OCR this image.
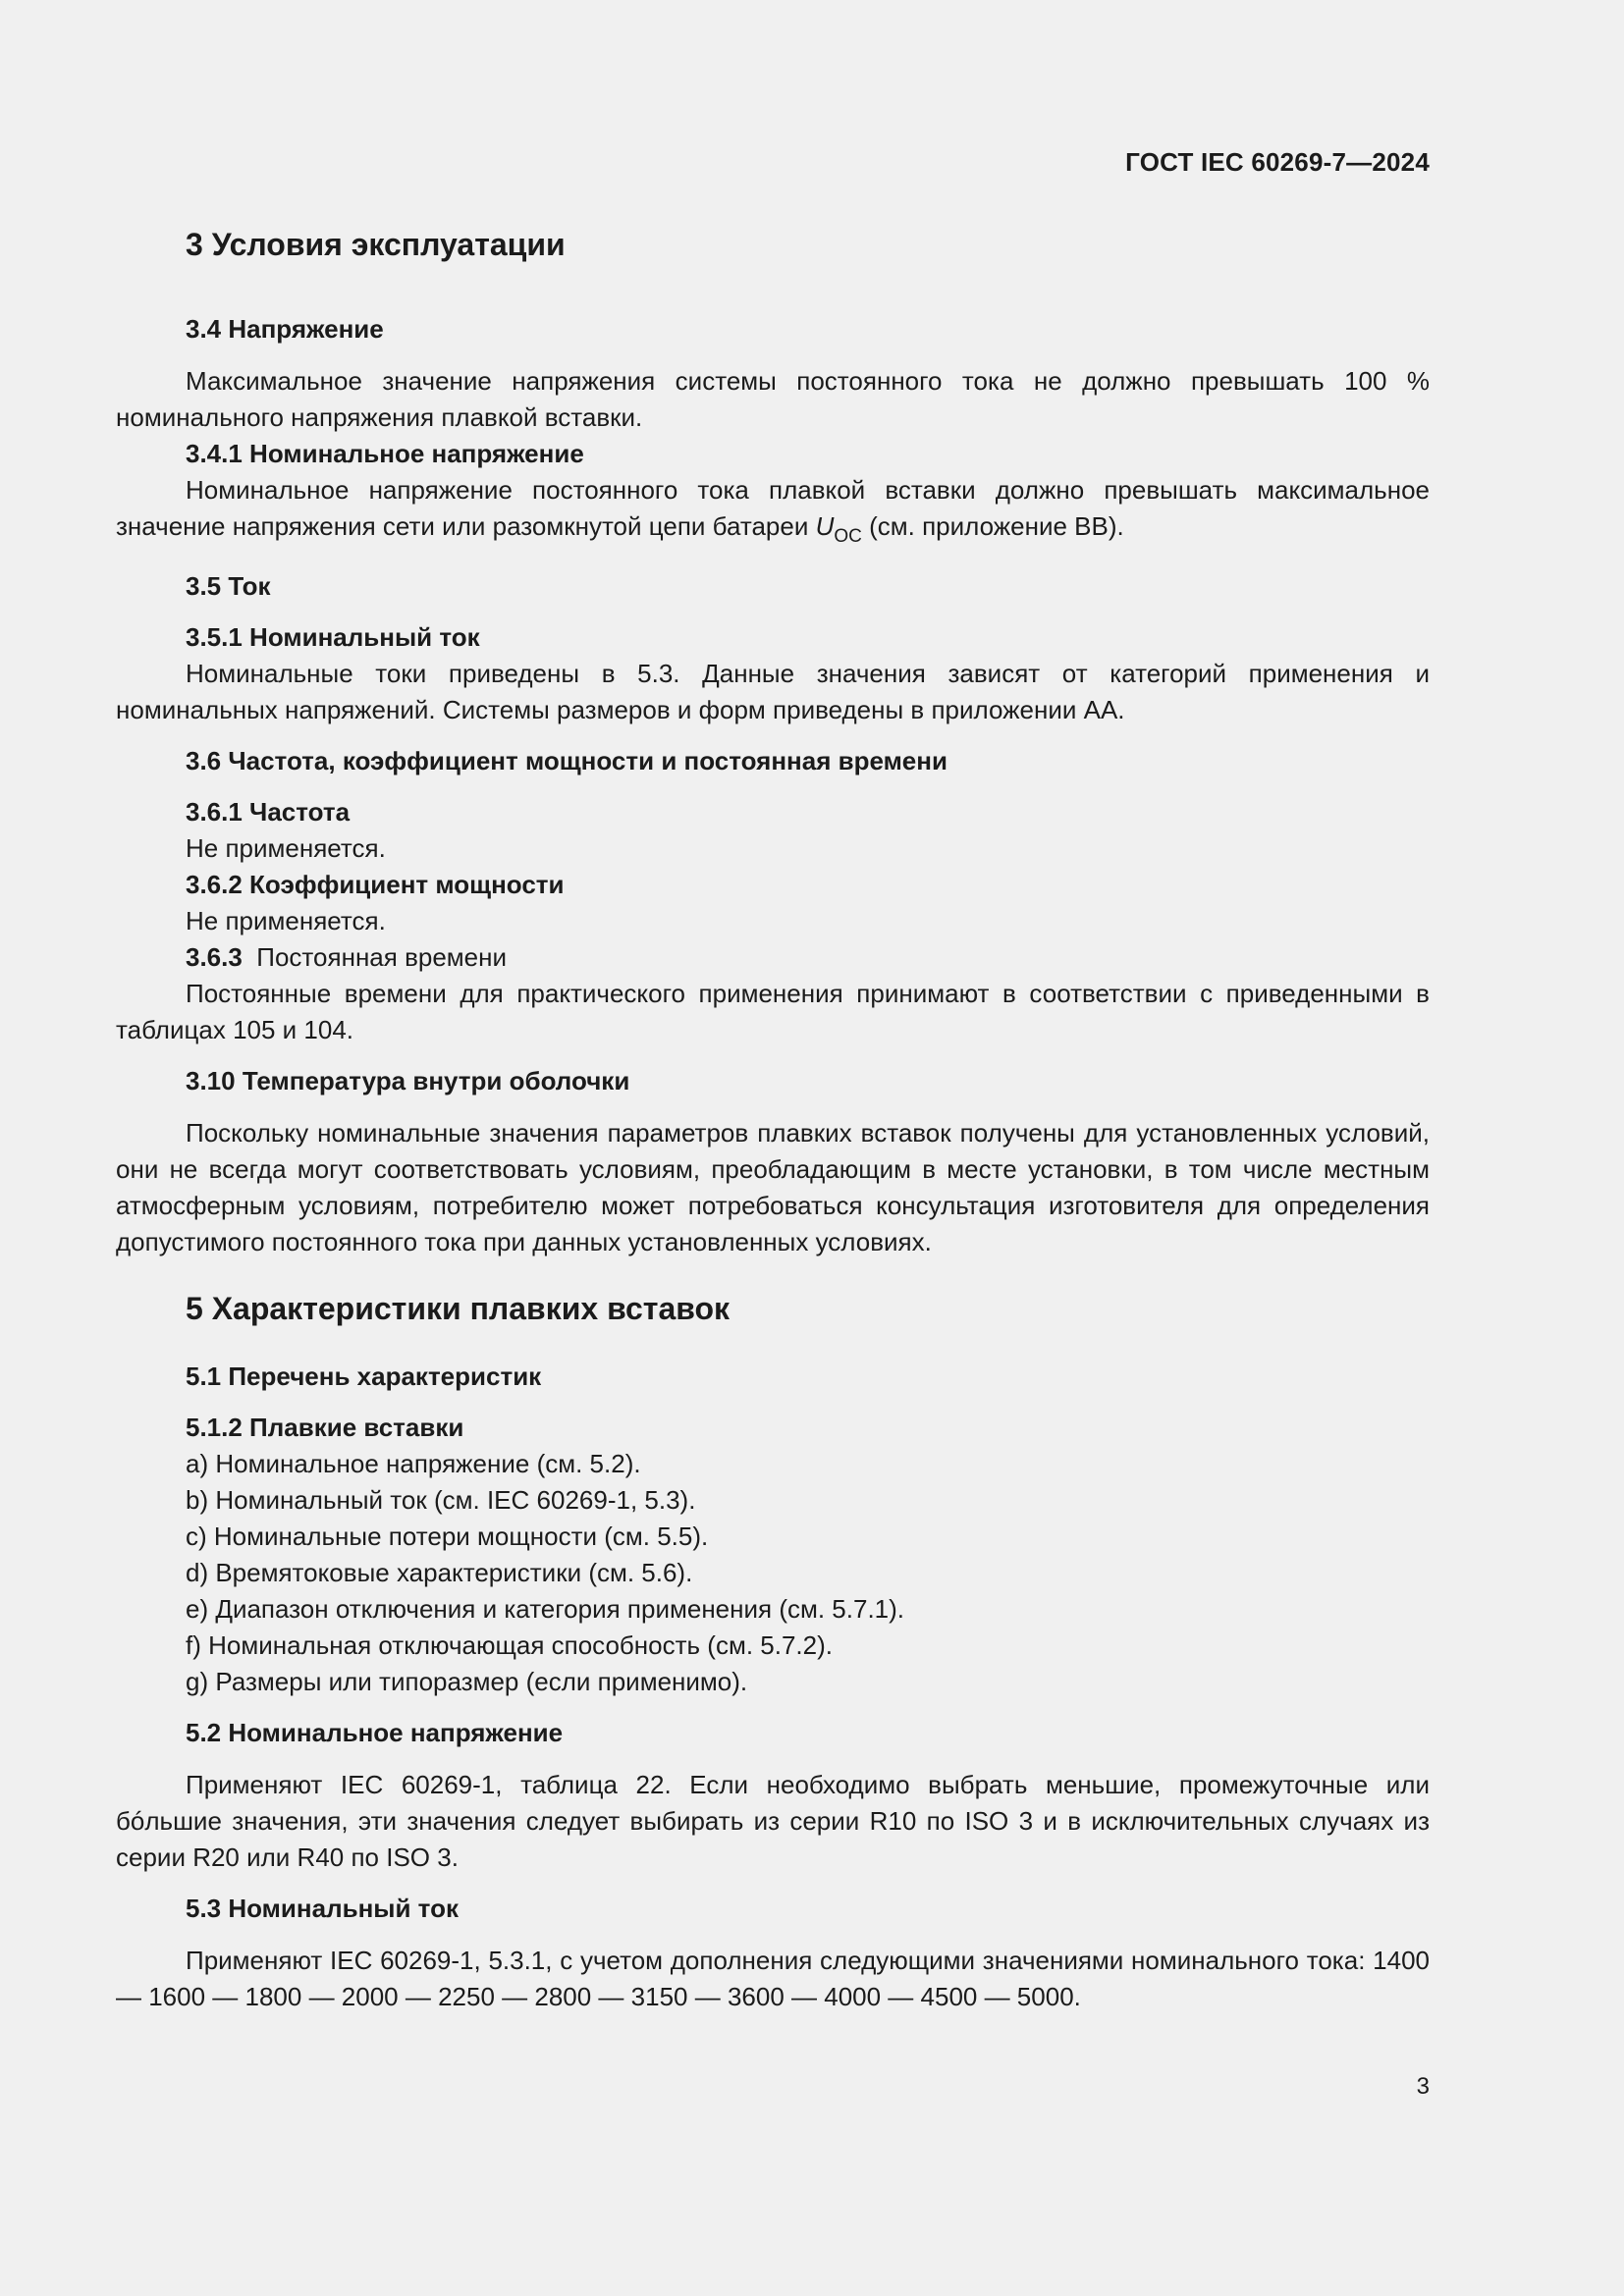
ГОСТ IEC 60269-7—2024
3 Условия эксплуатации
3.4 Напряжение
Максимальное значение напряжения системы постоянного тока не должно превышать 100 % номинального напряжения плавкой вставки.
3.4.1 Номинальное напряжение
Номинальное напряжение постоянного тока плавкой вставки должно превышать максимальное значение напряжения сети или разомкнутой цепи батареи $U_{OC}$ (см. приложение ВВ).
3.5 Ток
3.5.1 Номинальный ток
Номинальные токи приведены в 5.3. Данные значения зависят от категорий применения и номинальных напряжений. Системы размеров и форм приведены в приложении АА.
3.6 Частота, коэффициент мощности и постоянная времени
3.6.1 Частота
Не применяется.
3.6.2 Коэффициент мощности
Не применяется.
3.6.3 Постоянная времени
Постоянные времени для практического применения принимают в соответствии с приведенными в таблицах 105 и 104.
3.10 Температура внутри оболочки
Поскольку номинальные значения параметров плавких вставок получены для установленных условий, они не всегда могут соответствовать условиям, преобладающим в месте установки, в том числе местным атмосферным условиям, потребителю может потребоваться консультация изготовителя для определения допустимого постоянного тока при данных установленных условиях.
5 Характеристики плавких вставок
5.1 Перечень характеристик
5.1.2 Плавкие вставки
a) Номинальное напряжение (см. 5.2).
b) Номинальный ток (см. IEC 60269-1, 5.3).
c) Номинальные потери мощности (см. 5.5).
d) Времятоковые характеристики (см. 5.6).
e) Диапазон отключения и категория применения (см. 5.7.1).
f) Номинальная отключающая способность (см. 5.7.2).
g) Размеры или типоразмер (если применимо).
5.2 Номинальное напряжение
Применяют IEC 60269-1, таблица 22. Если необходимо выбрать меньшие, промежуточные или бóльшие значения, эти значения следует выбирать из серии R10 по ISO 3 и в исключительных случаях из серии R20 или R40 по ISO 3.
5.3 Номинальный ток
Применяют IEC 60269-1, 5.3.1, с учетом дополнения следующими значениями номинального тока: 1400 — 1600 — 1800 — 2000 — 2250 — 2800 — 3150 — 3600 — 4000 — 4500 — 5000.
3
